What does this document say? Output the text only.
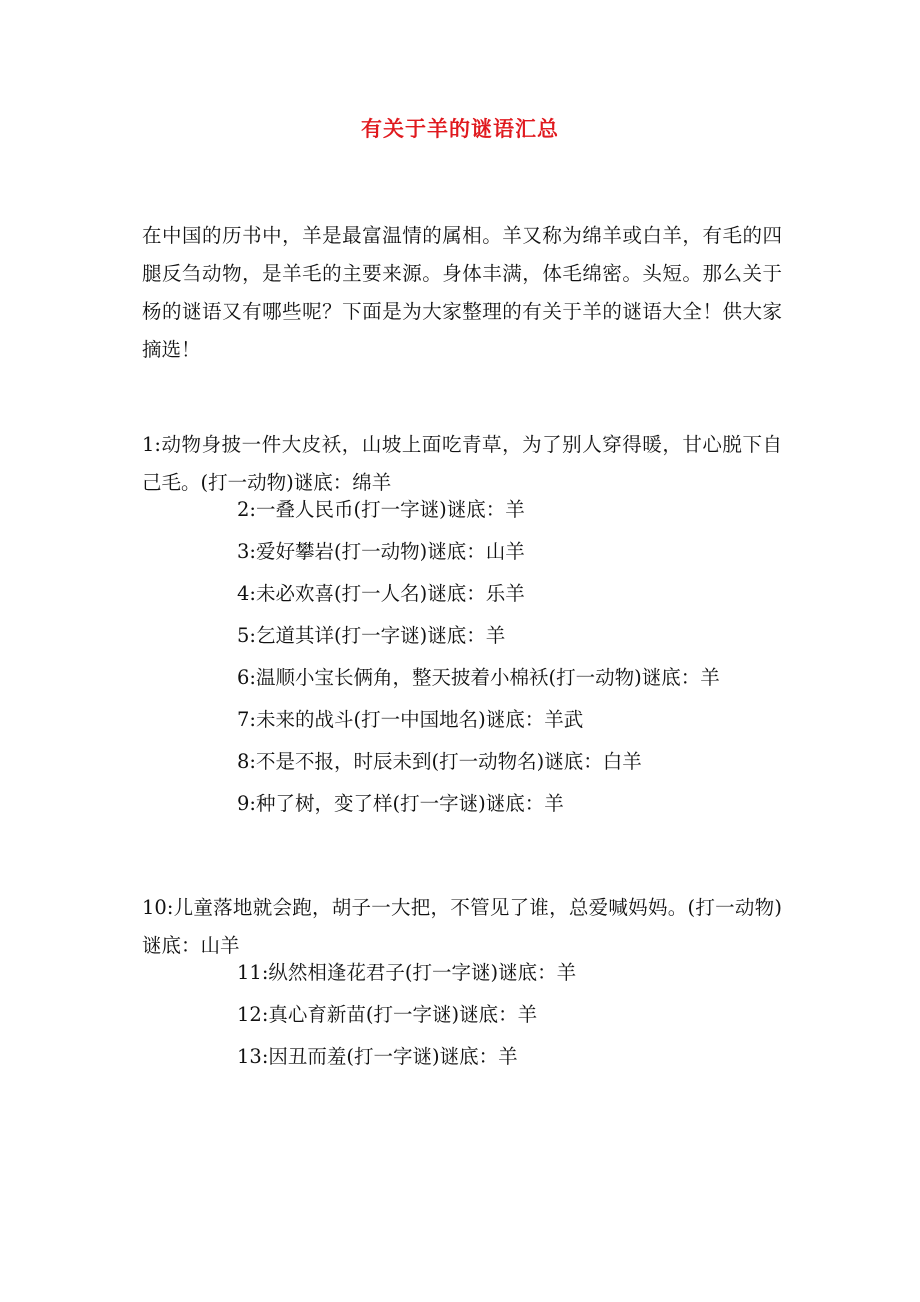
有关于羊的谜语汇总

在中国的历书中，羊是最富温情的属相。羊又称为绵羊或白羊，有毛的四腿反刍动物，是羊毛的主要来源。身体丰满，体毛绵密。头短。那么关于杨的谜语又有哪些呢？下面是为大家整理的有关于羊的谜语大全！供大家摘选！

1:动物身披一件大皮袄，山坡上面吃青草，为了别人穿得暖，甘心脱下自己毛。(打一动物)谜底：绵羊

2:一叠人民币(打一字谜)谜底：羊
3:爱好攀岩(打一动物)谜底：山羊
4:未必欢喜(打一人名)谜底：乐羊
5:乞道其详(打一字谜)谜底：羊
6:温顺小宝长俩角，整天披着小棉袄(打一动物)谜底：羊
7:未来的战斗(打一中国地名)谜底：羊武
8:不是不报，时辰未到(打一动物名)谜底：白羊
9:种了树，变了样(打一字谜)谜底：羊

10:儿童落地就会跑，胡子一大把，不管见了谁，总爱喊妈妈。(打一动物)谜底：山羊

11:纵然相逢花君子(打一字谜)谜底：羊
12:真心育新苗(打一字谜)谜底：羊
13:因丑而羞(打一字谜)谜底：羊
